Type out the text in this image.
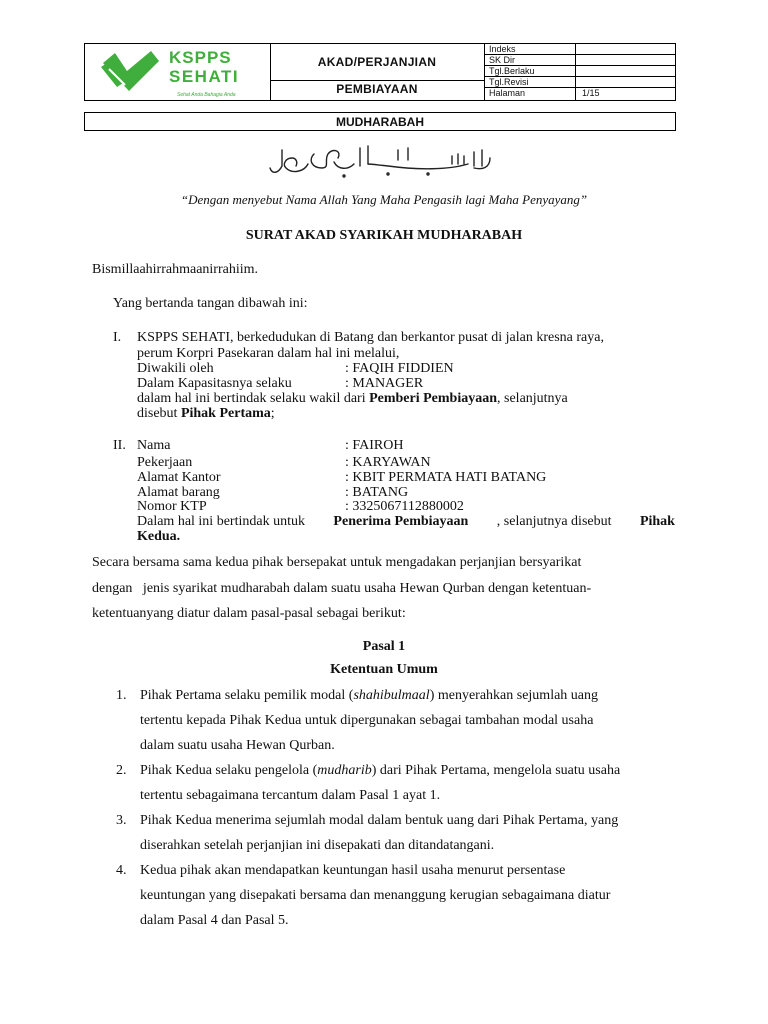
KSPPS
SEHATI
Sehat Anda Bahagia Anda
AKAD/PERJANJIAN
PEMBIAYAAN
Indeks
SK Dir
Tgl.Berlaku
Tgl.Revisi
Halaman	1/15
MUDHARABAH
“Dengan menyebut Nama Allah Yang Maha Pengasih lagi Maha Penyayang”
SURAT AKAD SYARIKAH MUDHARABAH
Bismillaahirrahmaanirrahiim.
Yang bertanda tangan dibawah ini:
I. KSPPS SEHATI, berkedudukan di Batang dan berkantor pusat di jalan kresna raya,
perum Korpri Pasekaran dalam hal ini melalui,
Diwakili oleh	: FAQIH FIDDIEN
Dalam Kapasitasnya selaku	: MANAGER
dalam hal ini bertindak selaku wakil dari Pemberi Pembiayaan, selanjutnya
disebut Pihak Pertama;
II. Nama	: FAIROH
Pekerjaan	: KARYAWAN
Alamat Kantor	: KBIT PERMATA HATI BATANG
Alamat barang	: BATANG
Nomor KTP	: 3325067112880002
Dalam hal ini bertindak untuk Penerima Pembiayaan , selanjutnya disebut Pihak
Kedua.
Secara bersama sama kedua pihak bersepakat untuk mengadakan perjanjian bersyarikat
dengan   jenis syarikat mudharabah dalam suatu usaha Hewan Qurban dengan ketentuan-
ketentuanyang diatur dalam pasal-pasal sebagai berikut:
Pasal 1
Ketentuan Umum
1. Pihak Pertama selaku pemilik modal (shahibulmaal) menyerahkan sejumlah uang
tertentu kepada Pihak Kedua untuk dipergunakan sebagai tambahan modal usaha
dalam suatu usaha Hewan Qurban.
2. Pihak Kedua selaku pengelola (mudharib) dari Pihak Pertama, mengelola suatu usaha
tertentu sebagaimana tercantum dalam Pasal 1 ayat 1.
3. Pihak Kedua menerima sejumlah modal dalam bentuk uang dari Pihak Pertama, yang
diserahkan setelah perjanjian ini disepakati dan ditandatangani.
4. Kedua pihak akan mendapatkan keuntungan hasil usaha menurut persentase
keuntungan yang disepakati bersama dan menanggung kerugian sebagaimana diatur
dalam Pasal 4 dan Pasal 5.
